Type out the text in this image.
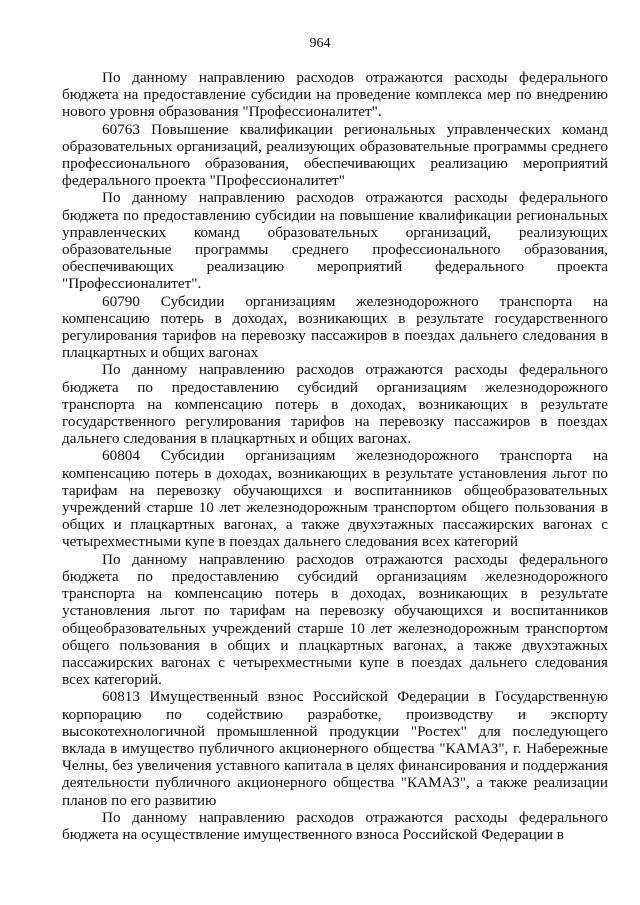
964

По данному направлению расходов отражаются расходы федерального бюджета на предоставление субсидии на проведение комплекса мер по внедрению нового уровня образования "Профессионалитет".

60763 Повышение квалификации региональных управленческих команд образовательных организаций, реализующих образовательные программы среднего профессионального образования, обеспечивающих реализацию мероприятий федерального проекта "Профессионалитет"

По данному направлению расходов отражаются расходы федерального бюджета по предоставлению субсидии на повышение квалификации региональных управленческих команд образовательных организаций, реализующих образовательные программы среднего профессионального образования, обеспечивающих реализацию мероприятий федерального проекта "Профессионалитет".

60790 Субсидии организациям железнодорожного транспорта на компенсацию потерь в доходах, возникающих в результате государственного регулирования тарифов на перевозку пассажиров в поездах дальнего следования в плацкартных и общих вагонах

По данному направлению расходов отражаются расходы федерального бюджета по предоставлению субсидий организациям железнодорожного транспорта на компенсацию потерь в доходах, возникающих в результате государственного регулирования тарифов на перевозку пассажиров в поездах дальнего следования в плацкартных и общих вагонах.

60804 Субсидии организациям железнодорожного транспорта на компенсацию потерь в доходах, возникающих в результате установления льгот по тарифам на перевозку обучающихся и воспитанников общеобразовательных учреждений старше 10 лет железнодорожным транспортом общего пользования в общих и плацкартных вагонах, а также двухэтажных пассажирских вагонах с четырехместными купе в поездах дальнего следования всех категорий

По данному направлению расходов отражаются расходы федерального бюджета по предоставлению субсидий организациям железнодорожного транспорта на компенсацию потерь в доходах, возникающих в результате установления льгот по тарифам на перевозку обучающихся и воспитанников общеобразовательных учреждений старше 10 лет железнодорожным транспортом общего пользования в общих и плацкартных вагонах, а также двухэтажных пассажирских вагонах с четырехместными купе в поездах дальнего следования всех категорий.

60813 Имущественный взнос Российской Федерации в Государственную корпорацию по содействию разработке, производству и экспорту высокотехнологичной промышленной продукции "Ростех" для последующего вклада в имущество публичного акционерного общества "КАМАЗ", г. Набережные Челны, без увеличения уставного капитала в целях финансирования и поддержания деятельности публичного акционерного общества "КАМАЗ", а также реализации планов по его развитию

По данному направлению расходов отражаются расходы федерального бюджета на осуществление имущественного взноса Российской Федерации в
